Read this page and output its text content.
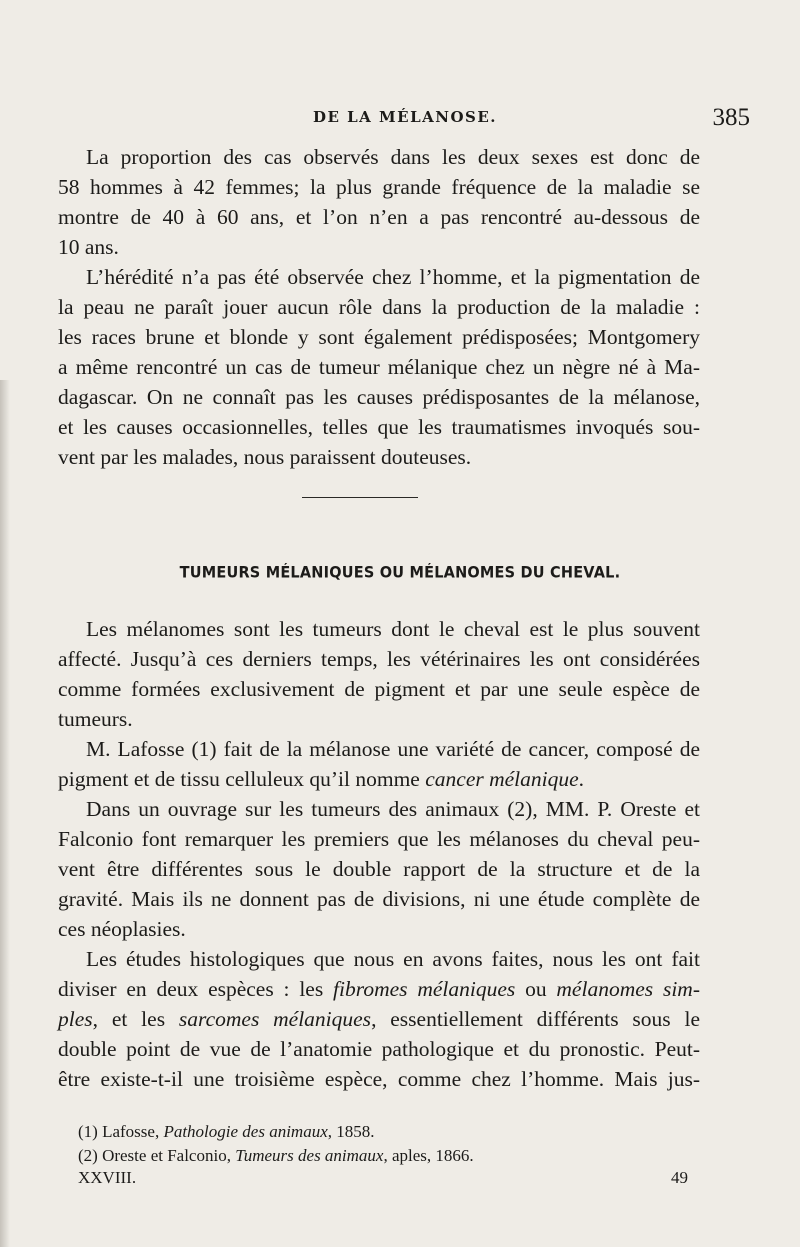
DE LA MÉLANOSE.	385
La proportion des cas observés dans les deux sexes est donc de
58 hommes à 42 femmes; la plus grande fréquence de la maladie se
montre de 40 à 60 ans, et l’on n’en a pas rencontré au-dessous de
10 ans.
L’hérédité n’a pas été observée chez l’homme, et la pigmentation de
la peau ne paraît jouer aucun rôle dans la production de la maladie :
les races brune et blonde y sont également prédisposées; Montgomery
a même rencontré un cas de tumeur mélanique chez un nègre né à Ma-
dagascar. On ne connaît pas les causes prédisposantes de la mélanose,
et les causes occasionnelles, telles que les traumatismes invoqués sou-
vent par les malades, nous paraissent douteuses.
TUMEURS MÉLANIQUES OU MÉLANOMES DU CHEVAL.
Les mélanomes sont les tumeurs dont le cheval est le plus souvent
affecté. Jusqu’à ces derniers temps, les vétérinaires les ont considérées
comme formées exclusivement de pigment et par une seule espèce de
tumeurs.
M. Lafosse (1) fait de la mélanose une variété de cancer, composé de
pigment et de tissu celluleux qu’il nomme cancer mélanique.
Dans un ouvrage sur les tumeurs des animaux (2), MM. P. Oreste et
Falconio font remarquer les premiers que les mélanoses du cheval peu-
vent être différentes sous le double rapport de la structure et de la
gravité. Mais ils ne donnent pas de divisions, ni une étude complète de
ces néoplasies.
Les études histologiques que nous en avons faites, nous les ont fait
diviser en deux espèces : les fibromes mélaniques ou mélanomes sim-
ples, et les sarcomes mélaniques, essentiellement différents sous le
double point de vue de l’anatomie pathologique et du pronostic. Peut-
être existe-t-il une troisième espèce, comme chez l’homme. Mais jus-
(1) Lafosse, Pathologie des animaux, 1858.
(2) Oreste et Falconio, Tumeurs des animaux, aples, 1866.
XXVIII.	49
